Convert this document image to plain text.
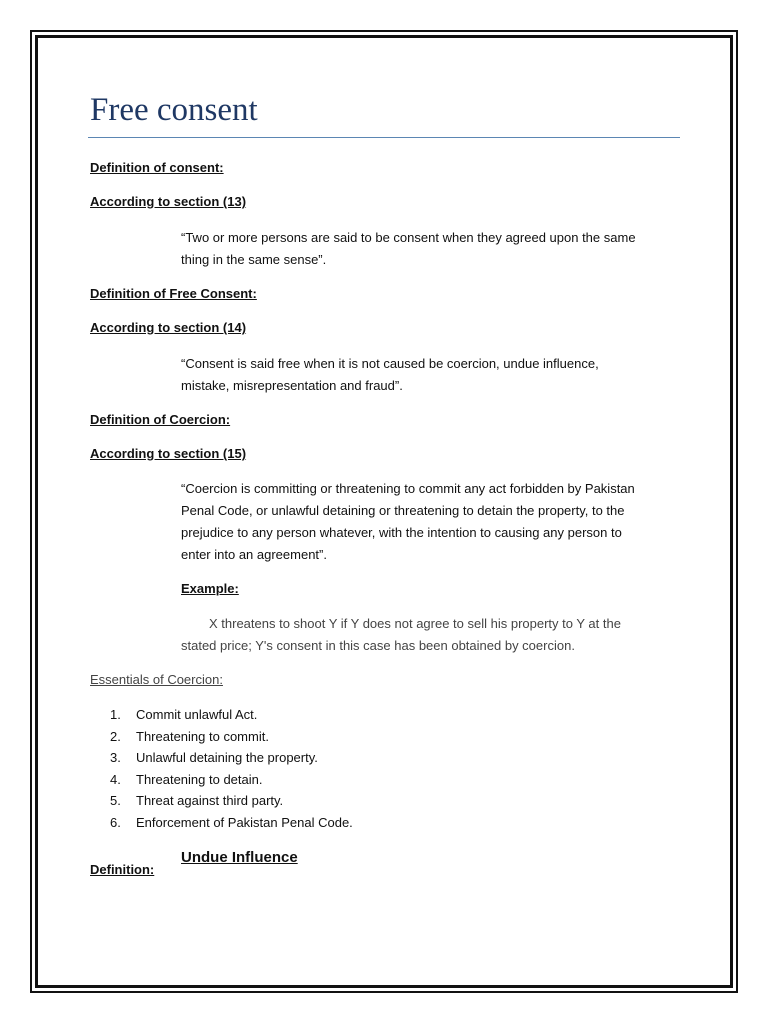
Free consent
Definition of consent:
According to section (13)
“Two or more persons are said to be consent when they agreed upon the same
thing in the same sense”.
Definition of Free Consent:
According to section (14)
“Consent is said free when it is not caused be coercion, undue influence,
mistake, misrepresentation and fraud”.
Definition of Coercion:
According to section (15)
“Coercion is committing or threatening to commit any act forbidden by Pakistan
Penal Code, or unlawful detaining or threatening to detain the property, to the
prejudice to any person whatever, with the intention to causing any person to
enter into an agreement”.
Example:
X threatens to shoot Y if Y does not agree to sell his property to Y at the
stated price; Y's consent in this case has been obtained by coercion.
Essentials of Coercion:
1. Commit unlawful Act.
2. Threatening to commit.
3. Unlawful detaining the property.
4. Threatening to detain.
5. Threat against third party.
6. Enforcement of Pakistan Penal Code.
Undue Influence
Definition:
